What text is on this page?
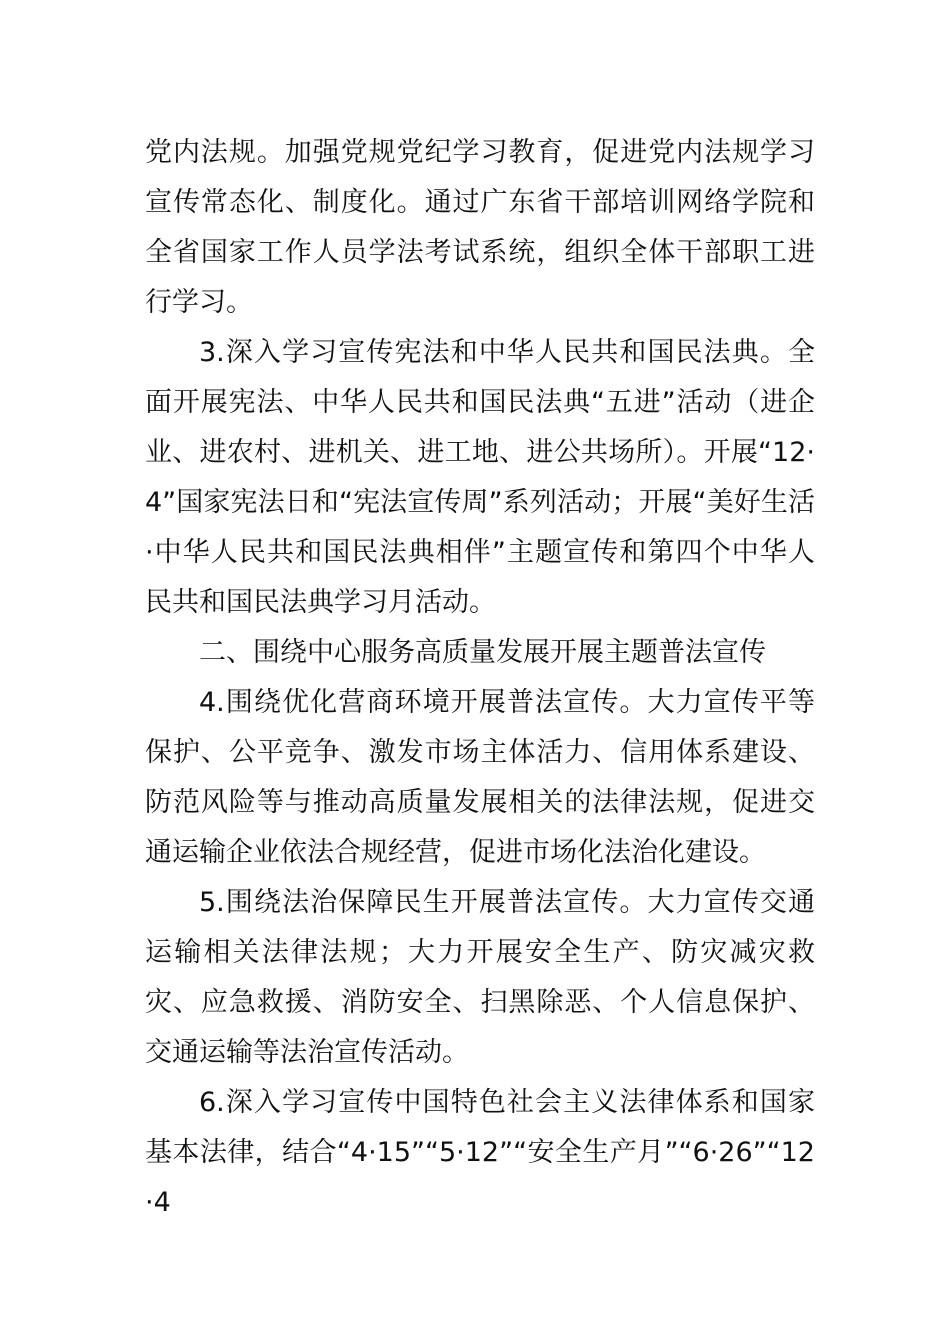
党内法规。加强党规党纪学习教育，促进党内法规学习宣传常态化、制度化。通过广东省干部培训网络学院和全省国家工作人员学法考试系统，组织全体干部职工进行学习。

3.深入学习宣传宪法和中华人民共和国民法典。全面开展宪法、中华人民共和国民法典“五进”活动（进企业、进农村、进机关、进工地、进公共场所）。开展“12·4”国家宪法日和“宪法宣传周”系列活动；开展“美好生活·中华人民共和国民法典相伴”主题宣传和第四个中华人民共和国民法典学习月活动。

二、围绕中心服务高质量发展开展主题普法宣传

4.围绕优化营商环境开展普法宣传。大力宣传平等保护、公平竞争、激发市场主体活力、信用体系建设、防范风险等与推动高质量发展相关的法律法规，促进交通运输企业依法合规经营，促进市场化法治化建设。

5.围绕法治保障民生开展普法宣传。大力宣传交通运输相关法律法规；大力开展安全生产、防灾减灾救灾、应急救援、消防安全、扫黑除恶、个人信息保护、交通运输等法治宣传活动。

6.深入学习宣传中国特色社会主义法律体系和国家基本法律，结合“4·15”“5·12”“安全生产月”“6·26”“12·4
